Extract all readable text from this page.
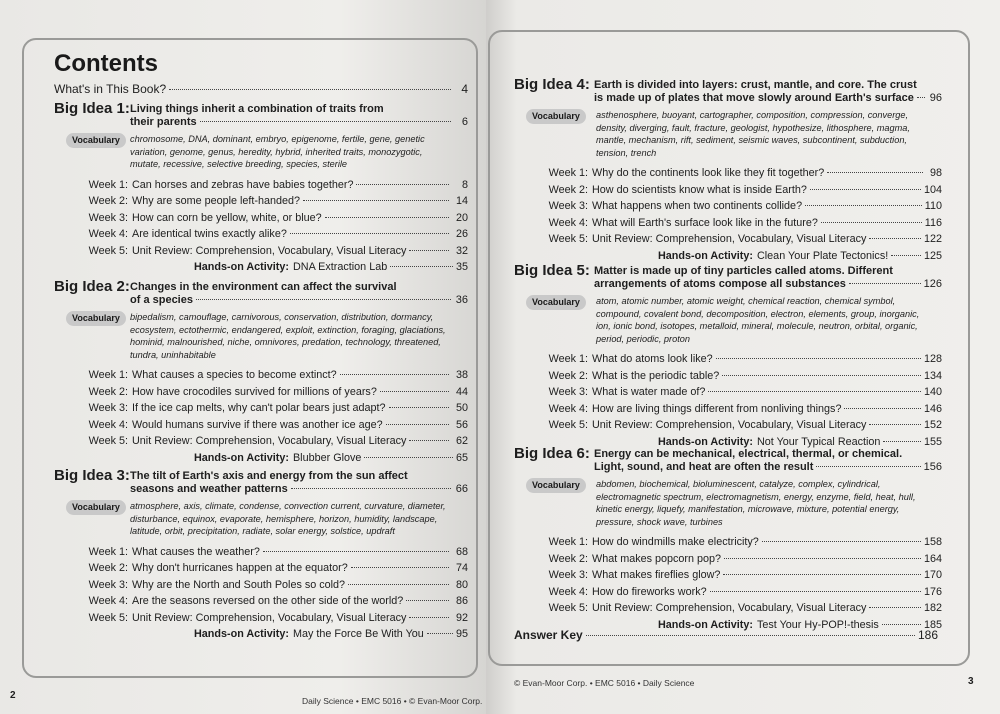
Contents
What's in This Book?	4
Big Idea 1: Living things inherit a combination of traits from
their parents	6
Vocabulary	chromosome, DNA, dominant, embryo, epigenome, fertile, gene, genetic
variation, genome, genus, heredity, hybrid, inherited traits, monozygotic,
mutate, recessive, selective breeding, species, sterile
Week 1: Can horses and zebras have babies together?	8
Week 2: Why are some people left-handed?	14
Week 3: How can corn be yellow, white, or blue?	20
Week 4: Are identical twins exactly alike?	26
Week 5: Unit Review: Comprehension, Vocabulary, Visual Literacy	32
Hands-on Activity: DNA Extraction Lab	35
Big Idea 2: Changes in the environment can affect the survival
of a species	36
Vocabulary	bipedalism, camouflage, carnivorous, conservation, distribution, dormancy,
ecosystem, ectothermic, endangered, exploit, extinction, foraging, glaciations,
hominid, malnourished, niche, omnivores, predation, technology, threatened,
tundra, uninhabitable
Week 1: What causes a species to become extinct?	38
Week 2: How have crocodiles survived for millions of years?	44
Week 3: If the ice cap melts, why can't polar bears just adapt?	50
Week 4: Would humans survive if there was another ice age?	56
Week 5: Unit Review: Comprehension, Vocabulary, Visual Literacy	62
Hands-on Activity: Blubber Glove	65
Big Idea 3: The tilt of Earth's axis and energy from the sun affect
seasons and weather patterns	66
Vocabulary	atmosphere, axis, climate, condense, convection current, curvature, diameter,
disturbance, equinox, evaporate, hemisphere, horizon, humidity, landscape,
latitude, orbit, precipitation, radiate, solar energy, solstice, updraft
Week 1: What causes the weather?	68
Week 2: Why don't hurricanes happen at the equator?	74
Week 3: Why are the North and South Poles so cold?	80
Week 4: Are the seasons reversed on the other side of the world?	86
Week 5: Unit Review: Comprehension, Vocabulary, Visual Literacy	92
Hands-on Activity: May the Force Be With You	95
Big Idea 4: Earth is divided into layers: crust, mantle, and core. The crust
is made up of plates that move slowly around Earth's surface 96
Vocabulary	asthenosphere, buoyant, cartographer, composition, compression, converge,
density, diverging, fault, fracture, geologist, hypothesize, lithosphere, magma,
mantle, mechanism, rift, sediment, seismic waves, subcontinent, subduction,
tension, trench
Week 1: Why do the continents look like they fit together?	98
Week 2: How do scientists know what is inside Earth?	104
Week 3: What happens when two continents collide?	110
Week 4: What will Earth's surface look like in the future?	116
Week 5: Unit Review: Comprehension, Vocabulary, Visual Literacy	122
Hands-on Activity: Clean Your Plate Tectonics!	125
Big Idea 5: Matter is made up of tiny particles called atoms. Different
arrangements of atoms compose all substances	126
Vocabulary	atom, atomic number, atomic weight, chemical reaction, chemical symbol,
compound, covalent bond, decomposition, electron, elements, group, inorganic,
ion, ionic bond, isotopes, metalloid, mineral, molecule, neutron, orbital, organic,
period, periodic, proton
Week 1: What do atoms look like?	128
Week 2: What is the periodic table?	134
Week 3: What is water made of?	140
Week 4: How are living things different from nonliving things?	146
Week 5: Unit Review: Comprehension, Vocabulary, Visual Literacy	152
Hands-on Activity: Not Your Typical Reaction	155
Big Idea 6: Energy can be mechanical, electrical, thermal, or chemical.
Light, sound, and heat are often the result	156
Vocabulary	abdomen, biochemical, bioluminescent, catalyze, complex, cylindrical,
electromagnetic spectrum, electromagnetism, energy, enzyme, field, heat, hull,
kinetic energy, liquefy, manifestation, microwave, mixture, potential energy,
pressure, shock wave, turbines
Week 1: How do windmills make electricity?	158
Week 2: What makes popcorn pop?	164
Week 3: What makes fireflies glow?	170
Week 4: How do fireworks work?	176
Week 5: Unit Review: Comprehension, Vocabulary, Visual Literacy	182
Hands-on Activity: Test Your Hy-POP!-thesis	185
Answer Key	186
2	Daily Science • EMC 5016 • © Evan-Moor Corp.
© Evan-Moor Corp. • EMC 5016 • Daily Science	3
